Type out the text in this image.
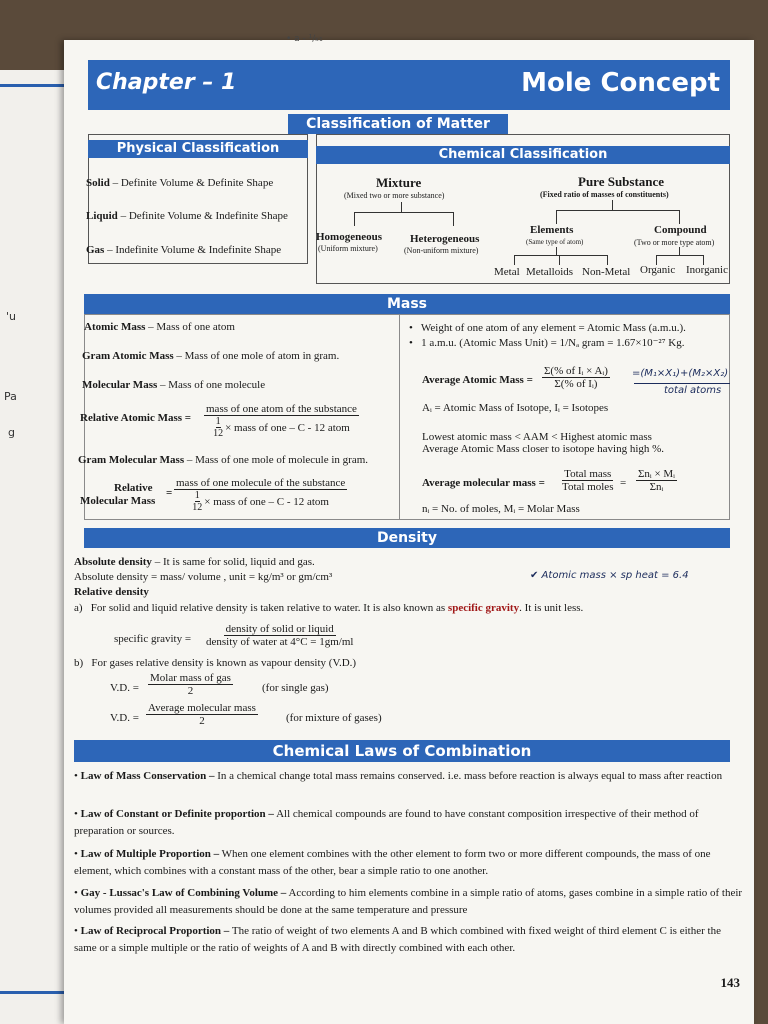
'u
Pa
g
• a - ¹/ₖ₁
Chapter – 1	Mole Concept
Classification of Matter
Physical Classification	Chemical Classification
Solid – Definite Volume & Definite Shape
Liquid – Definite Volume & Indefinite Shape
Gas – Indefinite Volume & Indefinite Shape
Mixture
(Mixed two or more substance)
Homogeneous
(Uniform mixture)
Heterogeneous
(Non-uniform mixture)
Pure Substance
(Fixed ratio of masses of constituents)
Elements
(Same type of atom)
Compound
(Two or more type atom)
Metal Metalloids Non-Metal Organic Inorganic
Mass
Atomic Mass – Mass of one atom
Gram Atomic Mass – Mass of one mole of atom in gram.
Molecular Mass – Mass of one molecule
Relative Atomic Mass =
mass of one atom of the substance
$\frac{1}{12}$ × mass of one – C - 12 atom
Gram Molecular Mass – Mass of one mole of molecule in gram.
Relative
Molecular Mass
=
mass of one molecule of the substance
$\frac{1}{12}$ × mass of one – C - 12 atom
•   Weight of one atom of any element = Atomic Mass (a.m.u.).
•   1 a.m.u. (Atomic Mass Unit) = 1/Nₐ gram = 1.67×10⁻²⁷ Kg.
Average Atomic Mass = $\frac{\text{Σ(\% of Iᵢ × Aᵢ)}}{\text{Σ(\% of Iᵢ)}} =(M_1\times X_1)+(M_2\times X_2)$
total atoms
Aᵢ = Atomic Mass of Isotope, Iᵢ = Isotopes
Lowest atomic mass < AAM < Highest atomic mass
Average Atomic Mass closer to isotope having high %.
Average molecular mass =
Total mass
Total moles =
Σnᵢ × Mᵢ
Σnᵢ
nᵢ = No. of moles, Mᵢ = Molar Mass
Density
Absolute density – It is same for solid, liquid and gas.
Absolute density = mass/ volume , unit = kg/m³ or gm/cm³	✔ Atomic mass × sp heat = 6.4
Relative density
a) For solid and liquid relative density is taken relative to water. It is also known as specific gravity. It is unit less.
specific gravity =
density of solid or liquid
density of water at 4°C = 1gm/ml
b) For gases relative density is known as vapour density (V.D.)
V.D. =
Molar mass of gas
2	(for single gas)
V.D. =
Average molecular mass
2	(for mixture of gases)
Chemical Laws of Combination
• Law of Mass Conservation – In a chemical change total mass remains conserved. i.e. mass before reaction is always equal to mass after reaction
• Law of Constant or Definite proportion – All chemical compounds are found to have constant composition irrespective of their method of preparation or sources.
• Law of Multiple Proportion – When one element combines with the other element to form two or more different compounds, the mass of one element, which combines with a constant mass of the other, bear a simple ratio to one another.
• Gay - Lussac's Law of Combining Volume – According to him elements combine in a simple ratio of atoms, gases combine in a simple ratio of their volumes provided all measurements should be done at the same temperature and pressure
• Law of Reciprocal Proportion – The ratio of weight of two elements A and B which combined with fixed weight of third element C is either the same or a simple multiple or the ratio of weights of A and B with directly combined with each other.
143
